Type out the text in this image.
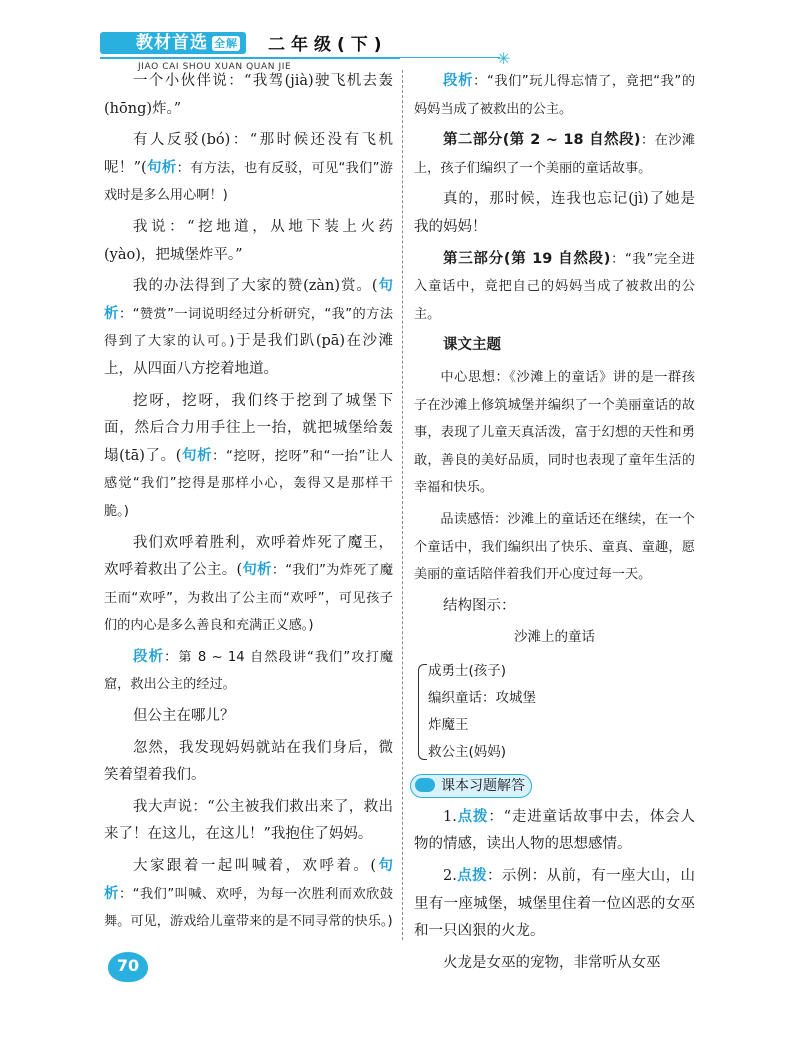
教材首选 全解	二年级(下)
✳
JIAO CAI SHOU XUAN QUAN JIE

一个小伙伴说：“我驾(jià)驶飞机去轰(hōng)炸。”

有人反驳(bó)：“那时候还没有飞机呢！”(句析：有方法，也有反驳，可见“我们”游戏时是多么用心啊！)

我说：“挖地道，从地下装上火药(yào)，把城堡炸平。”

我的办法得到了大家的赞(zàn)赏。(句析：“赞赏”一词说明经过分析研究，“我”的方法得到了大家的认可。)于是我们趴(pā)在沙滩上，从四面八方挖着地道。

挖呀，挖呀，我们终于挖到了城堡下面，然后合力用手往上一抬，就把城堡给轰塌(tā)了。(句析：“挖呀，挖呀”和“一抬”让人感觉“我们”挖得是那样小心，轰得又是那样干脆。)

我们欢呼着胜利，欢呼着炸死了魔王，欢呼着救出了公主。(句析：“我们”为炸死了魔王而“欢呼”，为救出了公主而“欢呼”，可见孩子们的内心是多么善良和充满正义感。)

段析：第 8 ~ 14 自然段讲“我们”攻打魔窟，救出公主的经过。

但公主在哪儿？

忽然，我发现妈妈就站在我们身后，微笑着望着我们。

我大声说：“公主被我们救出来了，救出来了！在这儿，在这儿！”我抱住了妈妈。

大家跟着一起叫喊着，欢呼着。(句析：“我们”叫喊、欢呼，为每一次胜利而欢欣鼓舞。可见，游戏给儿童带来的是不同寻常的快乐。)

段析：“我们”玩儿得忘情了，竟把“我”的妈妈当成了被救出的公主。

第二部分(第 2 ~ 18 自然段)：在沙滩上，孩子们编织了一个美丽的童话故事。

真的，那时候，连我也忘记(jì)了她是我的妈妈！

第三部分(第 19 自然段)：“我”完全进入童话中，竟把自己的妈妈当成了被救出的公主。

课文主题

中心思想：《沙滩上的童话》讲的是一群孩子在沙滩上修筑城堡并编织了一个美丽童话的故事，表现了儿童天真活泼，富于幻想的天性和勇敢，善良的美好品质，同时也表现了童年生活的幸福和快乐。

品读感悟：沙滩上的童话还在继续，在一个个童话中，我们编织出了快乐、童真、童趣，愿美丽的童话陪伴着我们开心度过每一天。

结构图示：

沙滩上的童话
成勇士(孩子)
编织童话：攻城堡
炸魔王
救公主(妈妈)
课本习题解答

1.点拨：“走进童话故事中去，体会人物的情感，读出人物的思想感情。

2.点拨：示例：从前，有一座大山，山里有一座城堡，城堡里住着一位凶恶的女巫和一只凶狠的火龙。

火龙是女巫的宠物，非常听从女巫

70
